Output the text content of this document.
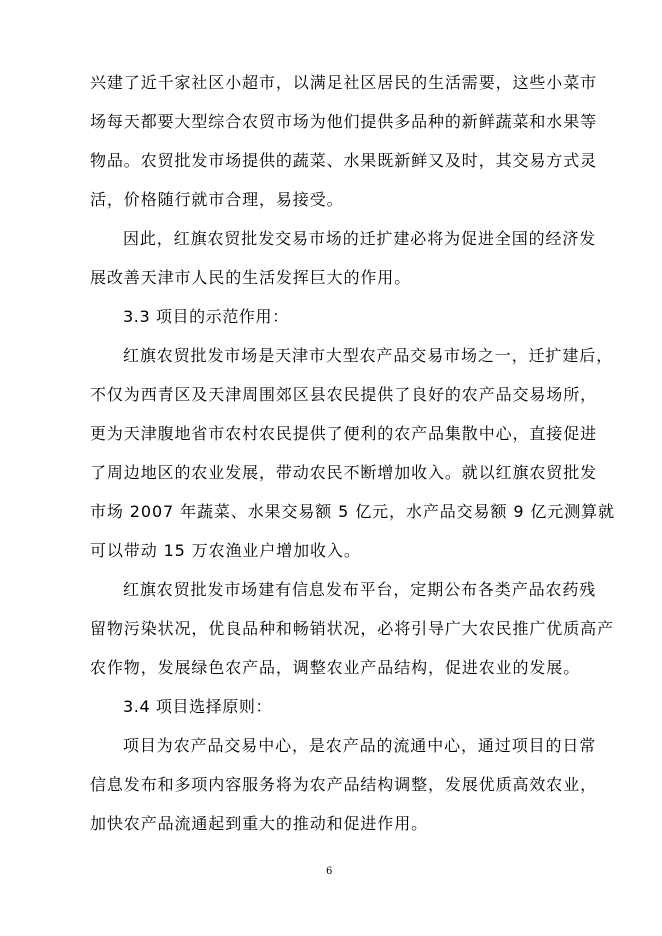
兴建了近千家社区小超市，以满足社区居民的生活需要，这些小菜市
场每天都要大型综合农贸市场为他们提供多品种的新鲜蔬菜和水果等
物品。农贸批发市场提供的蔬菜、水果既新鲜又及时，其交易方式灵
活，价格随行就市合理，易接受。
因此，红旗农贸批发交易市场的迁扩建必将为促进全国的经济发
展改善天津市人民的生活发挥巨大的作用。
3.3 项目的示范作用：
红旗农贸批发市场是天津市大型农产品交易市场之一，迁扩建后，
不仅为西青区及天津周围郊区县农民提供了良好的农产品交易场所，
更为天津腹地省市农村农民提供了便利的农产品集散中心，直接促进
了周边地区的农业发展，带动农民不断增加收入。就以红旗农贸批发
市场 2007 年蔬菜、水果交易额 5 亿元，水产品交易额 9 亿元测算就
可以带动 15 万农渔业户增加收入。
红旗农贸批发市场建有信息发布平台，定期公布各类产品农药残
留物污染状况，优良品种和畅销状况，必将引导广大农民推广优质高产
农作物，发展绿色农产品，调整农业产品结构，促进农业的发展。
3.4 项目选择原则：
项目为农产品交易中心，是农产品的流通中心，通过项目的日常
信息发布和多项内容服务将为农产品结构调整，发展优质高效农业，
加快农产品流通起到重大的推动和促进作用。
6
